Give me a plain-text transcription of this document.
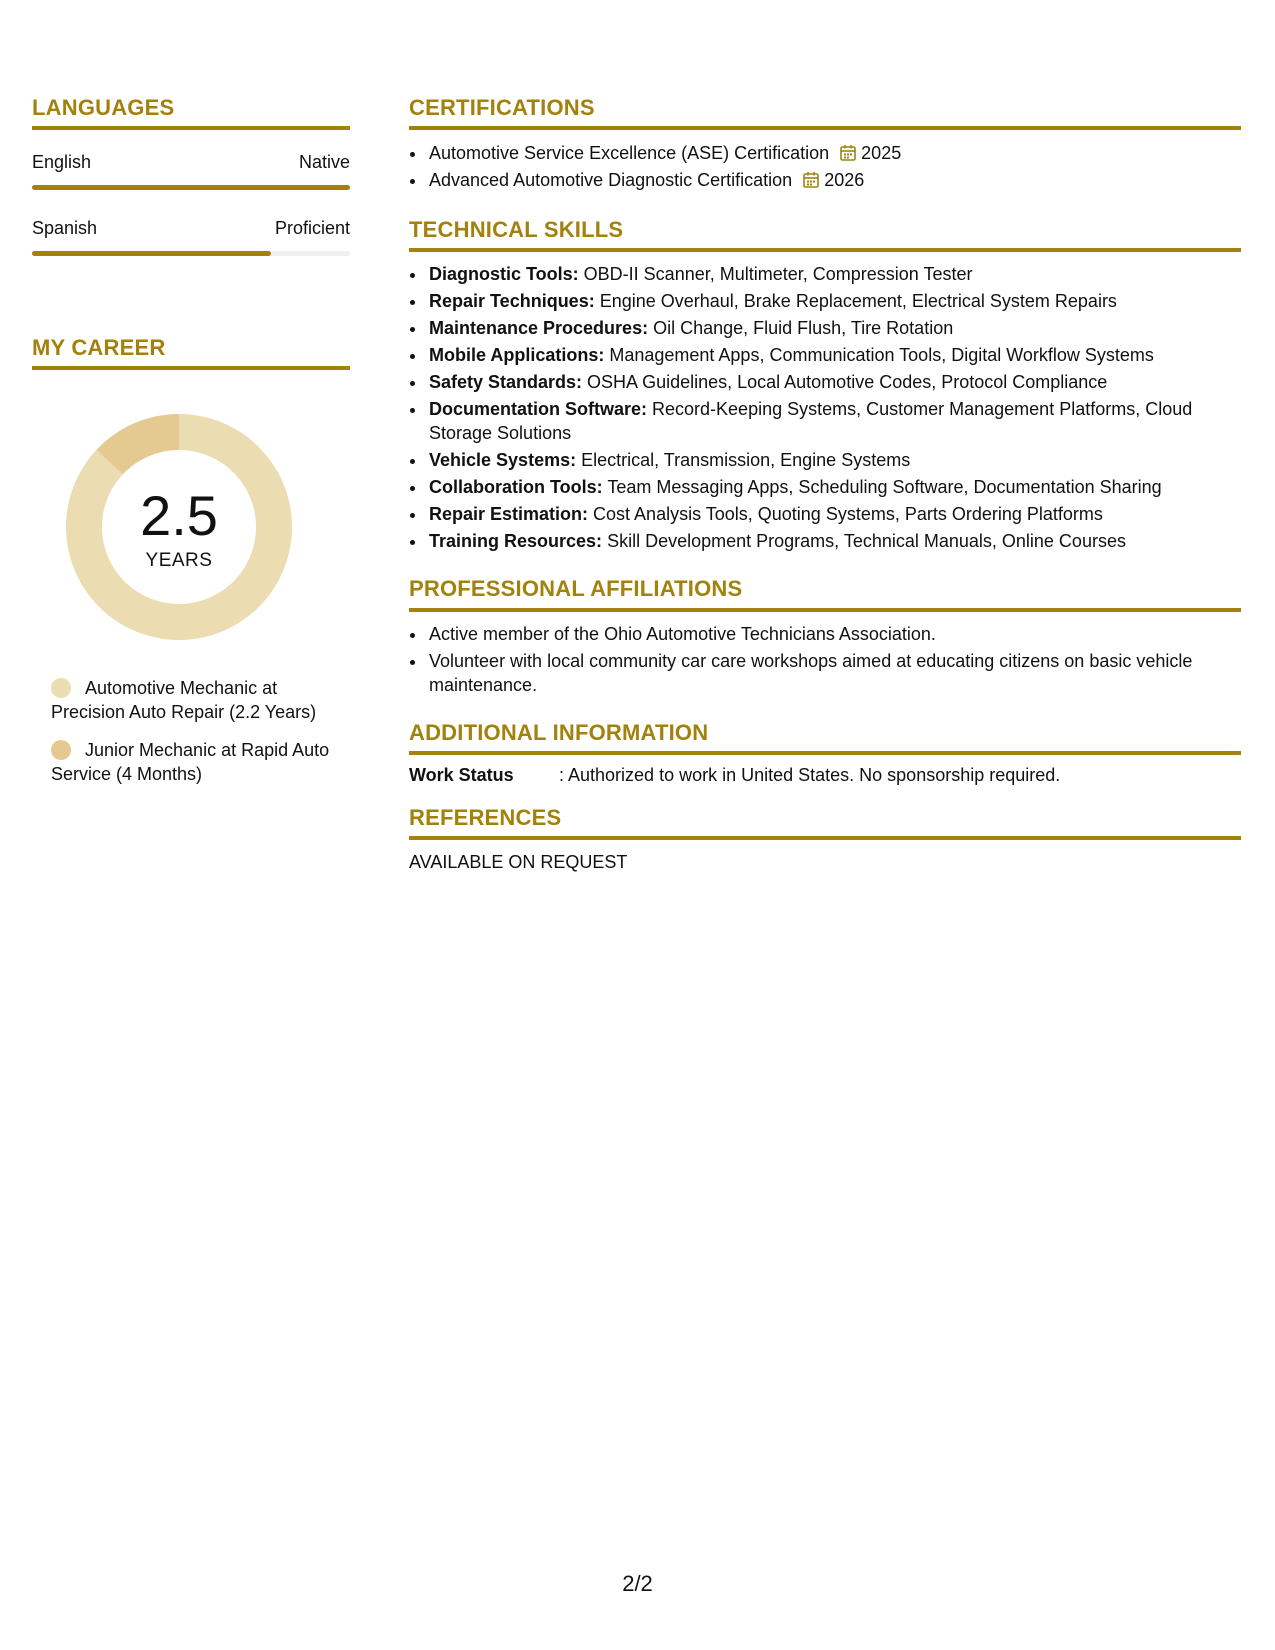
LANGUAGES
English	Native
Spanish	Proficient
MY CAREER
2.5
YEARS
Automotive Mechanic at Precision Auto Repair (2.2 Years)
Junior Mechanic at Rapid Auto Service (4 Months)
CERTIFICATIONS
• Automotive Service Excellence (ASE) Certification 2025
• Advanced Automotive Diagnostic Certification 2026
TECHNICAL SKILLS
• Diagnostic Tools: OBD-II Scanner, Multimeter, Compression Tester
• Repair Techniques: Engine Overhaul, Brake Replacement, Electrical System Repairs
• Maintenance Procedures: Oil Change, Fluid Flush, Tire Rotation
• Mobile Applications: Management Apps, Communication Tools, Digital Workflow Systems
• Safety Standards: OSHA Guidelines, Local Automotive Codes, Protocol Compliance
• Documentation Software: Record-Keeping Systems, Customer Management Platforms, Cloud Storage Solutions
• Vehicle Systems: Electrical, Transmission, Engine Systems
• Collaboration Tools: Team Messaging Apps, Scheduling Software, Documentation Sharing
• Repair Estimation: Cost Analysis Tools, Quoting Systems, Parts Ordering Platforms
• Training Resources: Skill Development Programs, Technical Manuals, Online Courses
PROFESSIONAL AFFILIATIONS
• Active member of the Ohio Automotive Technicians Association.
• Volunteer with local community car care workshops aimed at educating citizens on basic vehicle maintenance.
ADDITIONAL INFORMATION
Work Status	: Authorized to work in United States. No sponsorship required.
REFERENCES
AVAILABLE ON REQUEST
2/2
